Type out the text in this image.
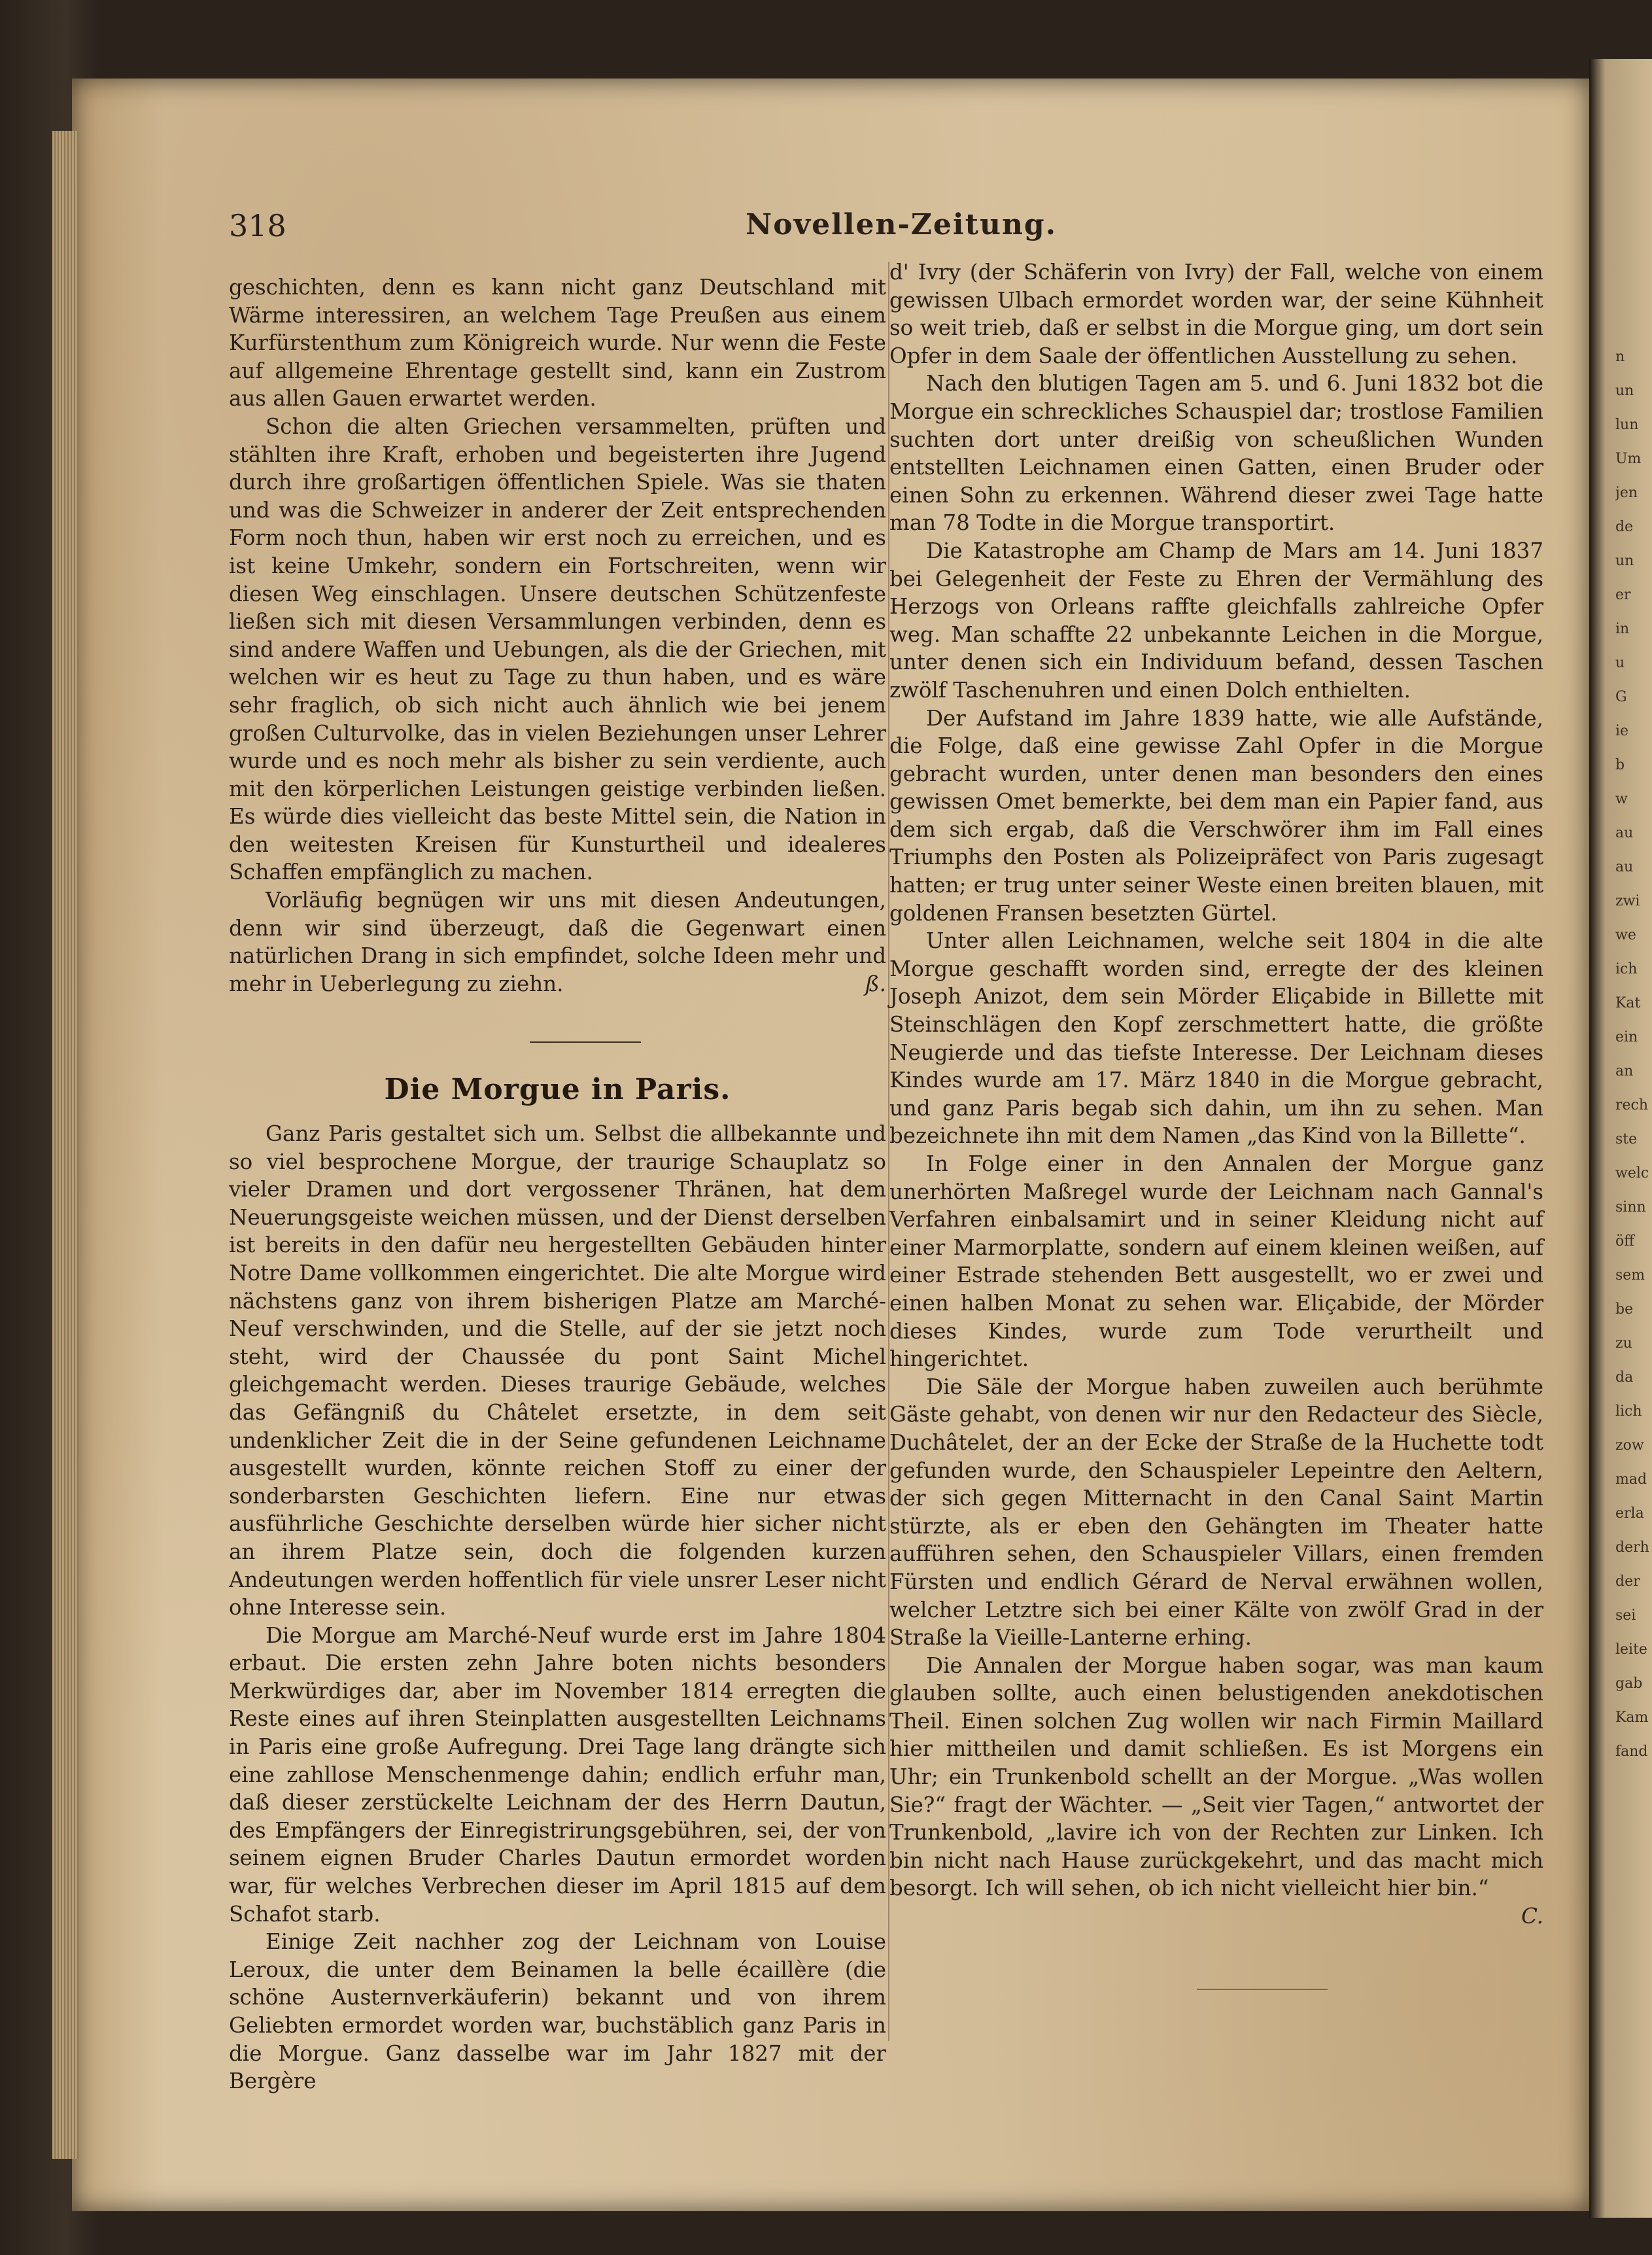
n
un
lun
Um
jen
de
un
er
in
u
G
ie
b
w
au
au
zwi
we
ich
Kat
ein
an
rech
ste
welc
sinn
öff
sem
be
zu
da
lich
zow
mad
erla
derh
der
sei
leite
gab
Kam
fand
318	Novellen-Zeitung.

geschichten, denn es kann nicht ganz Deutschland mit Wärme interessiren, an welchem Tage Preußen aus einem Kurfürstenthum zum Königreich wurde. Nur wenn die Feste auf allgemeine Ehrentage gestellt sind, kann ein Zustrom aus allen Gauen erwartet werden.

Schon die alten Griechen versammelten, prüften und stählten ihre Kraft, erhoben und begeisterten ihre Jugend durch ihre großartigen öffentlichen Spiele. Was sie thaten und was die Schweizer in anderer der Zeit entsprechenden Form noch thun, haben wir erst noch zu erreichen, und es ist keine Umkehr, sondern ein Fortschreiten, wenn wir diesen Weg einschlagen. Unsere deutschen Schützenfeste ließen sich mit diesen Versammlungen verbinden, denn es sind andere Waffen und Uebungen, als die der Griechen, mit welchen wir es heut zu Tage zu thun haben, und es wäre sehr fraglich, ob sich nicht auch ähnlich wie bei jenem großen Culturvolke, das in vielen Beziehungen unser Lehrer wurde und es noch mehr als bisher zu sein verdiente, auch mit den körperlichen Leistungen geistige verbinden ließen. Es würde dies vielleicht das beste Mittel sein, die Nation in den weitesten Kreisen für Kunsturtheil und idealeres Schaffen empfänglich zu machen.

Vorläufig begnügen wir uns mit diesen Andeutungen, denn wir sind überzeugt, daß die Gegenwart einen natürlichen Drang in sich empfindet, solche Ideen mehr und mehr in Ueberlegung zu ziehn.	ß.

Die Morgue in Paris.

Ganz Paris gestaltet sich um. Selbst die allbekannte und so viel besprochene Morgue, der traurige Schauplatz so vieler Dramen und dort vergossener Thränen, hat dem Neuerungsgeiste weichen müssen, und der Dienst derselben ist bereits in den dafür neu hergestellten Gebäuden hinter Notre Dame vollkommen eingerichtet. Die alte Morgue wird nächstens ganz von ihrem bisherigen Platze am Marché-Neuf verschwinden, und die Stelle, auf der sie jetzt noch steht, wird der Chaussée du pont Saint Michel gleichgemacht werden. Dieses traurige Gebäude, welches das Gefängniß du Châtelet ersetzte, in dem seit undenklicher Zeit die in der Seine gefundenen Leichname ausgestellt wurden, könnte reichen Stoff zu einer der sonderbarsten Geschichten liefern. Eine nur etwas ausführliche Geschichte derselben würde hier sicher nicht an ihrem Platze sein, doch die folgenden kurzen Andeutungen werden hoffentlich für viele unsrer Leser nicht ohne Interesse sein.

Die Morgue am Marché-Neuf wurde erst im Jahre 1804 erbaut. Die ersten zehn Jahre boten nichts besonders Merkwürdiges dar, aber im November 1814 erregten die Reste eines auf ihren Steinplatten ausgestellten Leichnams in Paris eine große Aufregung. Drei Tage lang drängte sich eine zahllose Menschenmenge dahin; endlich erfuhr man, daß dieser zerstückelte Leichnam der des Herrn Dautun, des Empfängers der Einregistrirungsgebühren, sei, der von seinem eignen Bruder Charles Dautun ermordet worden war, für welches Verbrechen dieser im April 1815 auf dem Schafot starb.

Einige Zeit nachher zog der Leichnam von Louise Leroux, die unter dem Beinamen la belle écaillère (die schöne Austernverkäuferin) bekannt und von ihrem Geliebten ermordet worden war, buchstäblich ganz Paris in die Morgue. Ganz dasselbe war im Jahr 1827 mit der Bergère

d' Ivry (der Schäferin von Ivry) der Fall, welche von einem gewissen Ulbach ermordet worden war, der seine Kühnheit so weit trieb, daß er selbst in die Morgue ging, um dort sein Opfer in dem Saale der öffentlichen Ausstellung zu sehen.

Nach den blutigen Tagen am 5. und 6. Juni 1832 bot die Morgue ein schreckliches Schauspiel dar; trostlose Familien suchten dort unter dreißig von scheußlichen Wunden entstellten Leichnamen einen Gatten, einen Bruder oder einen Sohn zu erkennen. Während dieser zwei Tage hatte man 78 Todte in die Morgue transportirt.

Die Katastrophe am Champ de Mars am 14. Juni 1837 bei Gelegenheit der Feste zu Ehren der Vermählung des Herzogs von Orleans raffte gleichfalls zahlreiche Opfer weg. Man schaffte 22 unbekannte Leichen in die Morgue, unter denen sich ein Individuum befand, dessen Taschen zwölf Taschenuhren und einen Dolch enthielten.

Der Aufstand im Jahre 1839 hatte, wie alle Aufstände, die Folge, daß eine gewisse Zahl Opfer in die Morgue gebracht wurden, unter denen man besonders den eines gewissen Omet bemerkte, bei dem man ein Papier fand, aus dem sich ergab, daß die Verschwörer ihm im Fall eines Triumphs den Posten als Polizeipräfect von Paris zugesagt hatten; er trug unter seiner Weste einen breiten blauen, mit goldenen Fransen besetzten Gürtel.

Unter allen Leichnamen, welche seit 1804 in die alte Morgue geschafft worden sind, erregte der des kleinen Joseph Anizot, dem sein Mörder Eliçabide in Billette mit Steinschlägen den Kopf zerschmettert hatte, die größte Neugierde und das tiefste Interesse. Der Leichnam dieses Kindes wurde am 17. März 1840 in die Morgue gebracht, und ganz Paris begab sich dahin, um ihn zu sehen. Man bezeichnete ihn mit dem Namen „das Kind von la Billette“.

In Folge einer in den Annalen der Morgue ganz unerhörten Maßregel wurde der Leichnam nach Gannal's Verfahren einbalsamirt und in seiner Kleidung nicht auf einer Marmorplatte, sondern auf einem kleinen weißen, auf einer Estrade stehenden Bett ausgestellt, wo er zwei und einen halben Monat zu sehen war. Eliçabide, der Mörder dieses Kindes, wurde zum Tode verurtheilt und hingerichtet.

Die Säle der Morgue haben zuweilen auch berühmte Gäste gehabt, von denen wir nur den Redacteur des Siècle, Duchâtelet, der an der Ecke der Straße de la Huchette todt gefunden wurde, den Schauspieler Lepeintre den Aeltern, der sich gegen Mitternacht in den Canal Saint Martin stürzte, als er eben den Gehängten im Theater hatte aufführen sehen, den Schauspieler Villars, einen fremden Fürsten und endlich Gérard de Nerval erwähnen wollen, welcher Letztre sich bei einer Kälte von zwölf Grad in der Straße la Vieille-Lanterne erhing.

Die Annalen der Morgue haben sogar, was man kaum glauben sollte, auch einen belustigenden anekdotischen Theil. Einen solchen Zug wollen wir nach Firmin Maillard hier mittheilen und damit schließen. Es ist Morgens ein Uhr; ein Trunkenbold schellt an der Morgue. „Was wollen Sie?“ fragt der Wächter. — „Seit vier Tagen,“ antwortet der Trunkenbold, „lavire ich von der Rechten zur Linken. Ich bin nicht nach Hause zurückgekehrt, und das macht mich besorgt. Ich will sehen, ob ich nicht vielleicht hier bin.“
C.
